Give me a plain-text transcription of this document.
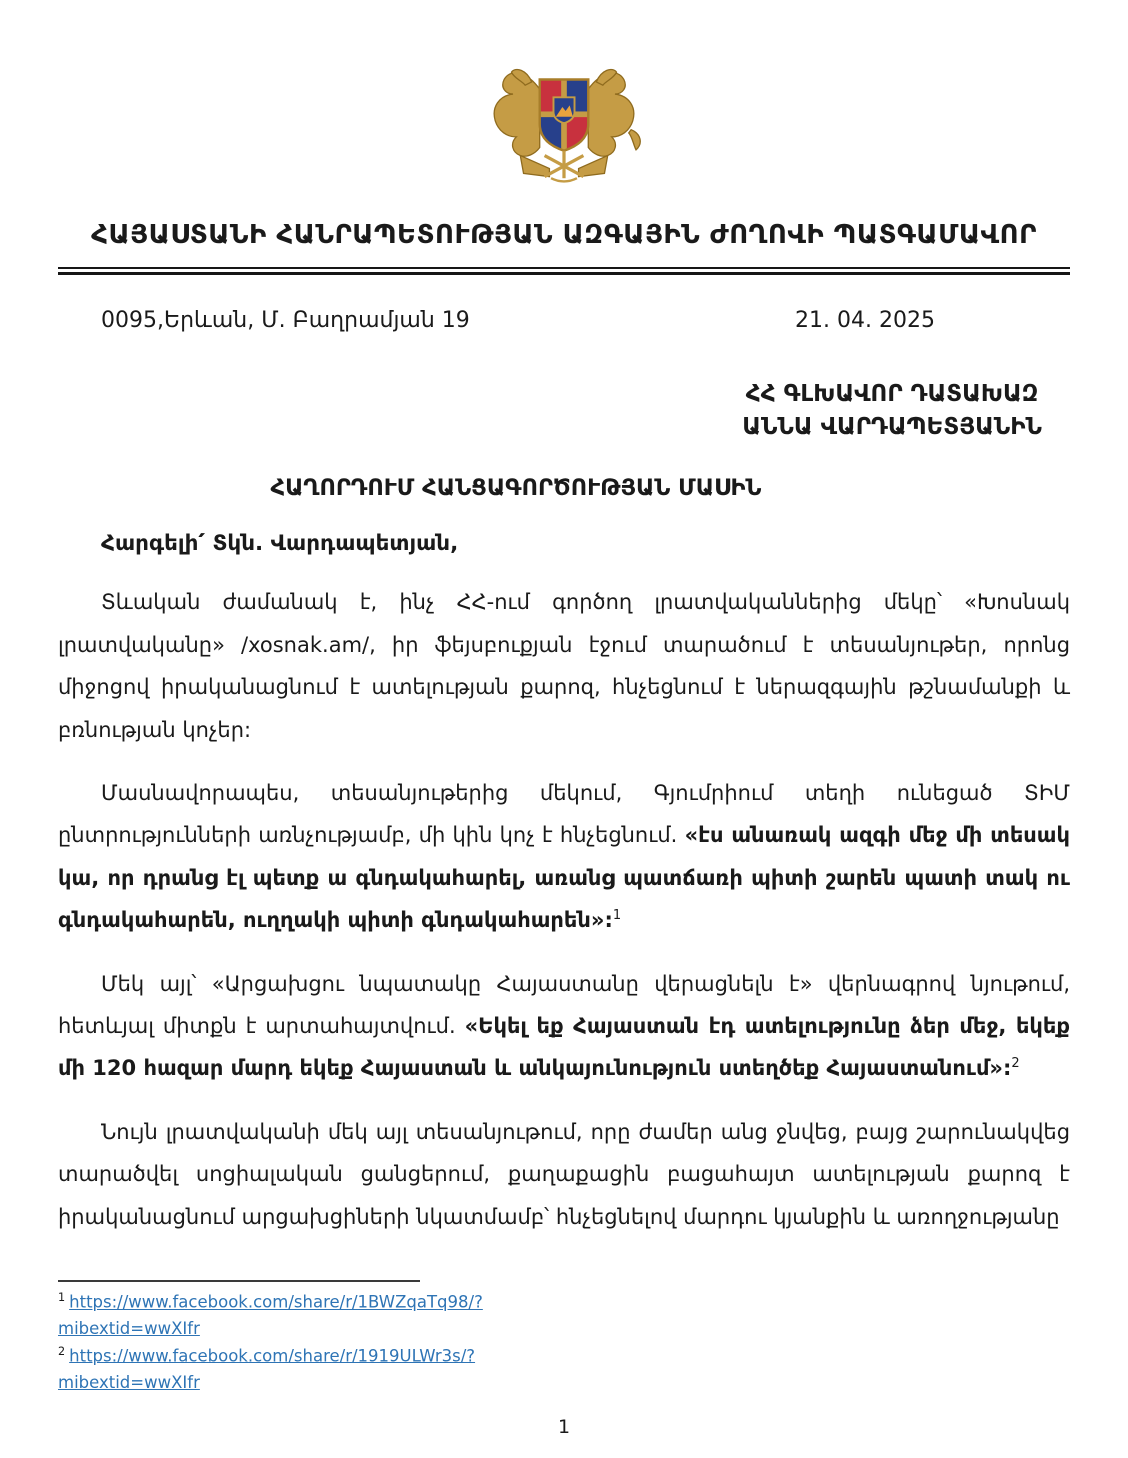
ՀԱՅԱՍՏԱՆԻ ՀԱՆՐԱՊԵՏՈՒԹՅԱՆ ԱԶԳԱՅԻՆ ԺՈՂՈՎԻ ՊԱՏԳԱՄԱՎՈՐ
0095,Երևան, Մ. Բաղրամյան 19	21. 04. 2025
ՀՀ ԳԼԽԱՎՈՐ ԴԱՏԱԽԱԶ
ԱՆՆԱ ՎԱՐԴԱՊԵՏՅԱՆԻՆ
ՀԱՂՈՐԴՈՒՄ ՀԱՆՑԱԳՈՐԾՈՒԹՅԱՆ ՄԱՍԻՆ
Հարգելի՛ Տկն. Վարդապետյան,

Տևական ժամանակ է, ինչ ՀՀ-ում գործող լրատվականներից մեկը՝ «Խոսնակ լրատվականը» /xosnak.am/, իր ֆեյսբուքյան էջում տարածում է տեսանյութեր, որոնց միջոցով իրականացնում է ատելության քարոզ, հնչեցնում է ներազգային թշնամանքի և բռնության կոչեր:

Մասնավորապես, տեսանյութերից մեկում, Գյումրիում տեղի ունեցած ՏԻՄ ընտրությունների առնչությամբ, մի կին կոչ է հնչեցնում. «էս անառակ ազգի մեջ մի տեսակ կա, որ դրանց էլ պետք ա գնդակահարել, առանց պատճառի պիտի շարեն պատի տակ ու գնդակահարեն, ուղղակի պիտի գնդակահարեն»:$^1$

Մեկ այլ՝ «Արցախցու նպատակը Հայաստանը վերացնելն է» վերնագրով նյութում, հետևյալ միտքն է արտահայտվում. «Եկել եք Հայաստան էդ ատելությունը ձեր մեջ, եկեք մի 120 հազար մարդ եկեք Հայաստան և անկայունություն ստեղծեք Հայաստանում»:$^2$

Նույն լրատվականի մեկ այլ տեսանյութում, որը ժամեր անց ջնվեց, բայց շարունակվեց տարածվել սոցիալական ցանցերում, քաղաքացին բացահայտ ատելության քարոզ է իրականացնում արցախցիների նկատմամբ՝ հնչեցնելով մարդու կյանքին և առողջությանը

$^1$ https://www.facebook.com/share/r/1BWZqaTq98/?mibextid=wwXIfr
$^2$ https://www.facebook.com/share/r/1919ULWr3s/?mibextid=wwXIfr
1
